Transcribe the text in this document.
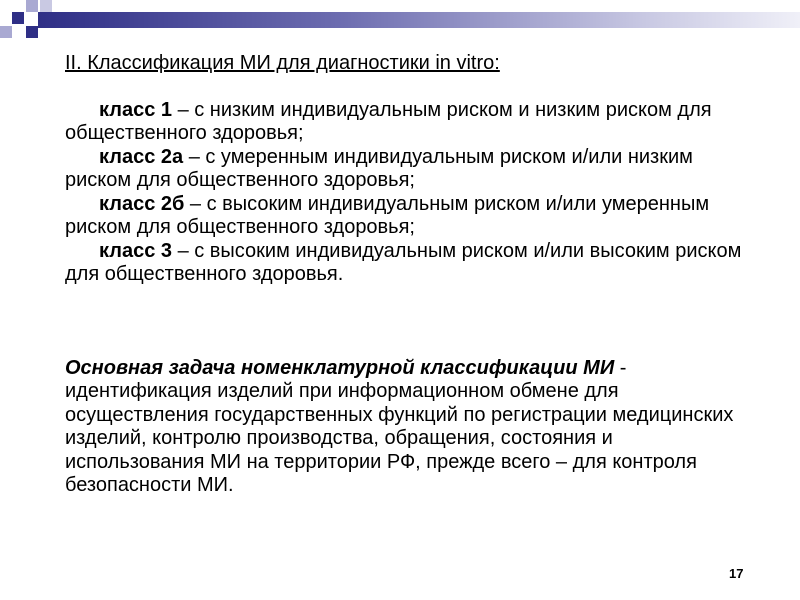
II. Классификация МИ для диагностики in vitro:

класс 1 – с низким индивидуальным риском и низким риском для общественного здоровья;

класс 2а – с умеренным индивидуальным риском и/или низким риском для общественного здоровья;

класс 2б – с высоким индивидуальным риском и/или умеренным риском для общественного здоровья;

класс 3 – с высоким индивидуальным риском и/или высоким риском для общественного здоровья.

Основная задача номенклатурной классификации МИ - идентификация изделий при информационном обмене для осуществления государственных функций по регистрации медицинских изделий, контролю производства, обращения, состояния и использования МИ на территории РФ, прежде всего – для контроля безопасности МИ.

17
